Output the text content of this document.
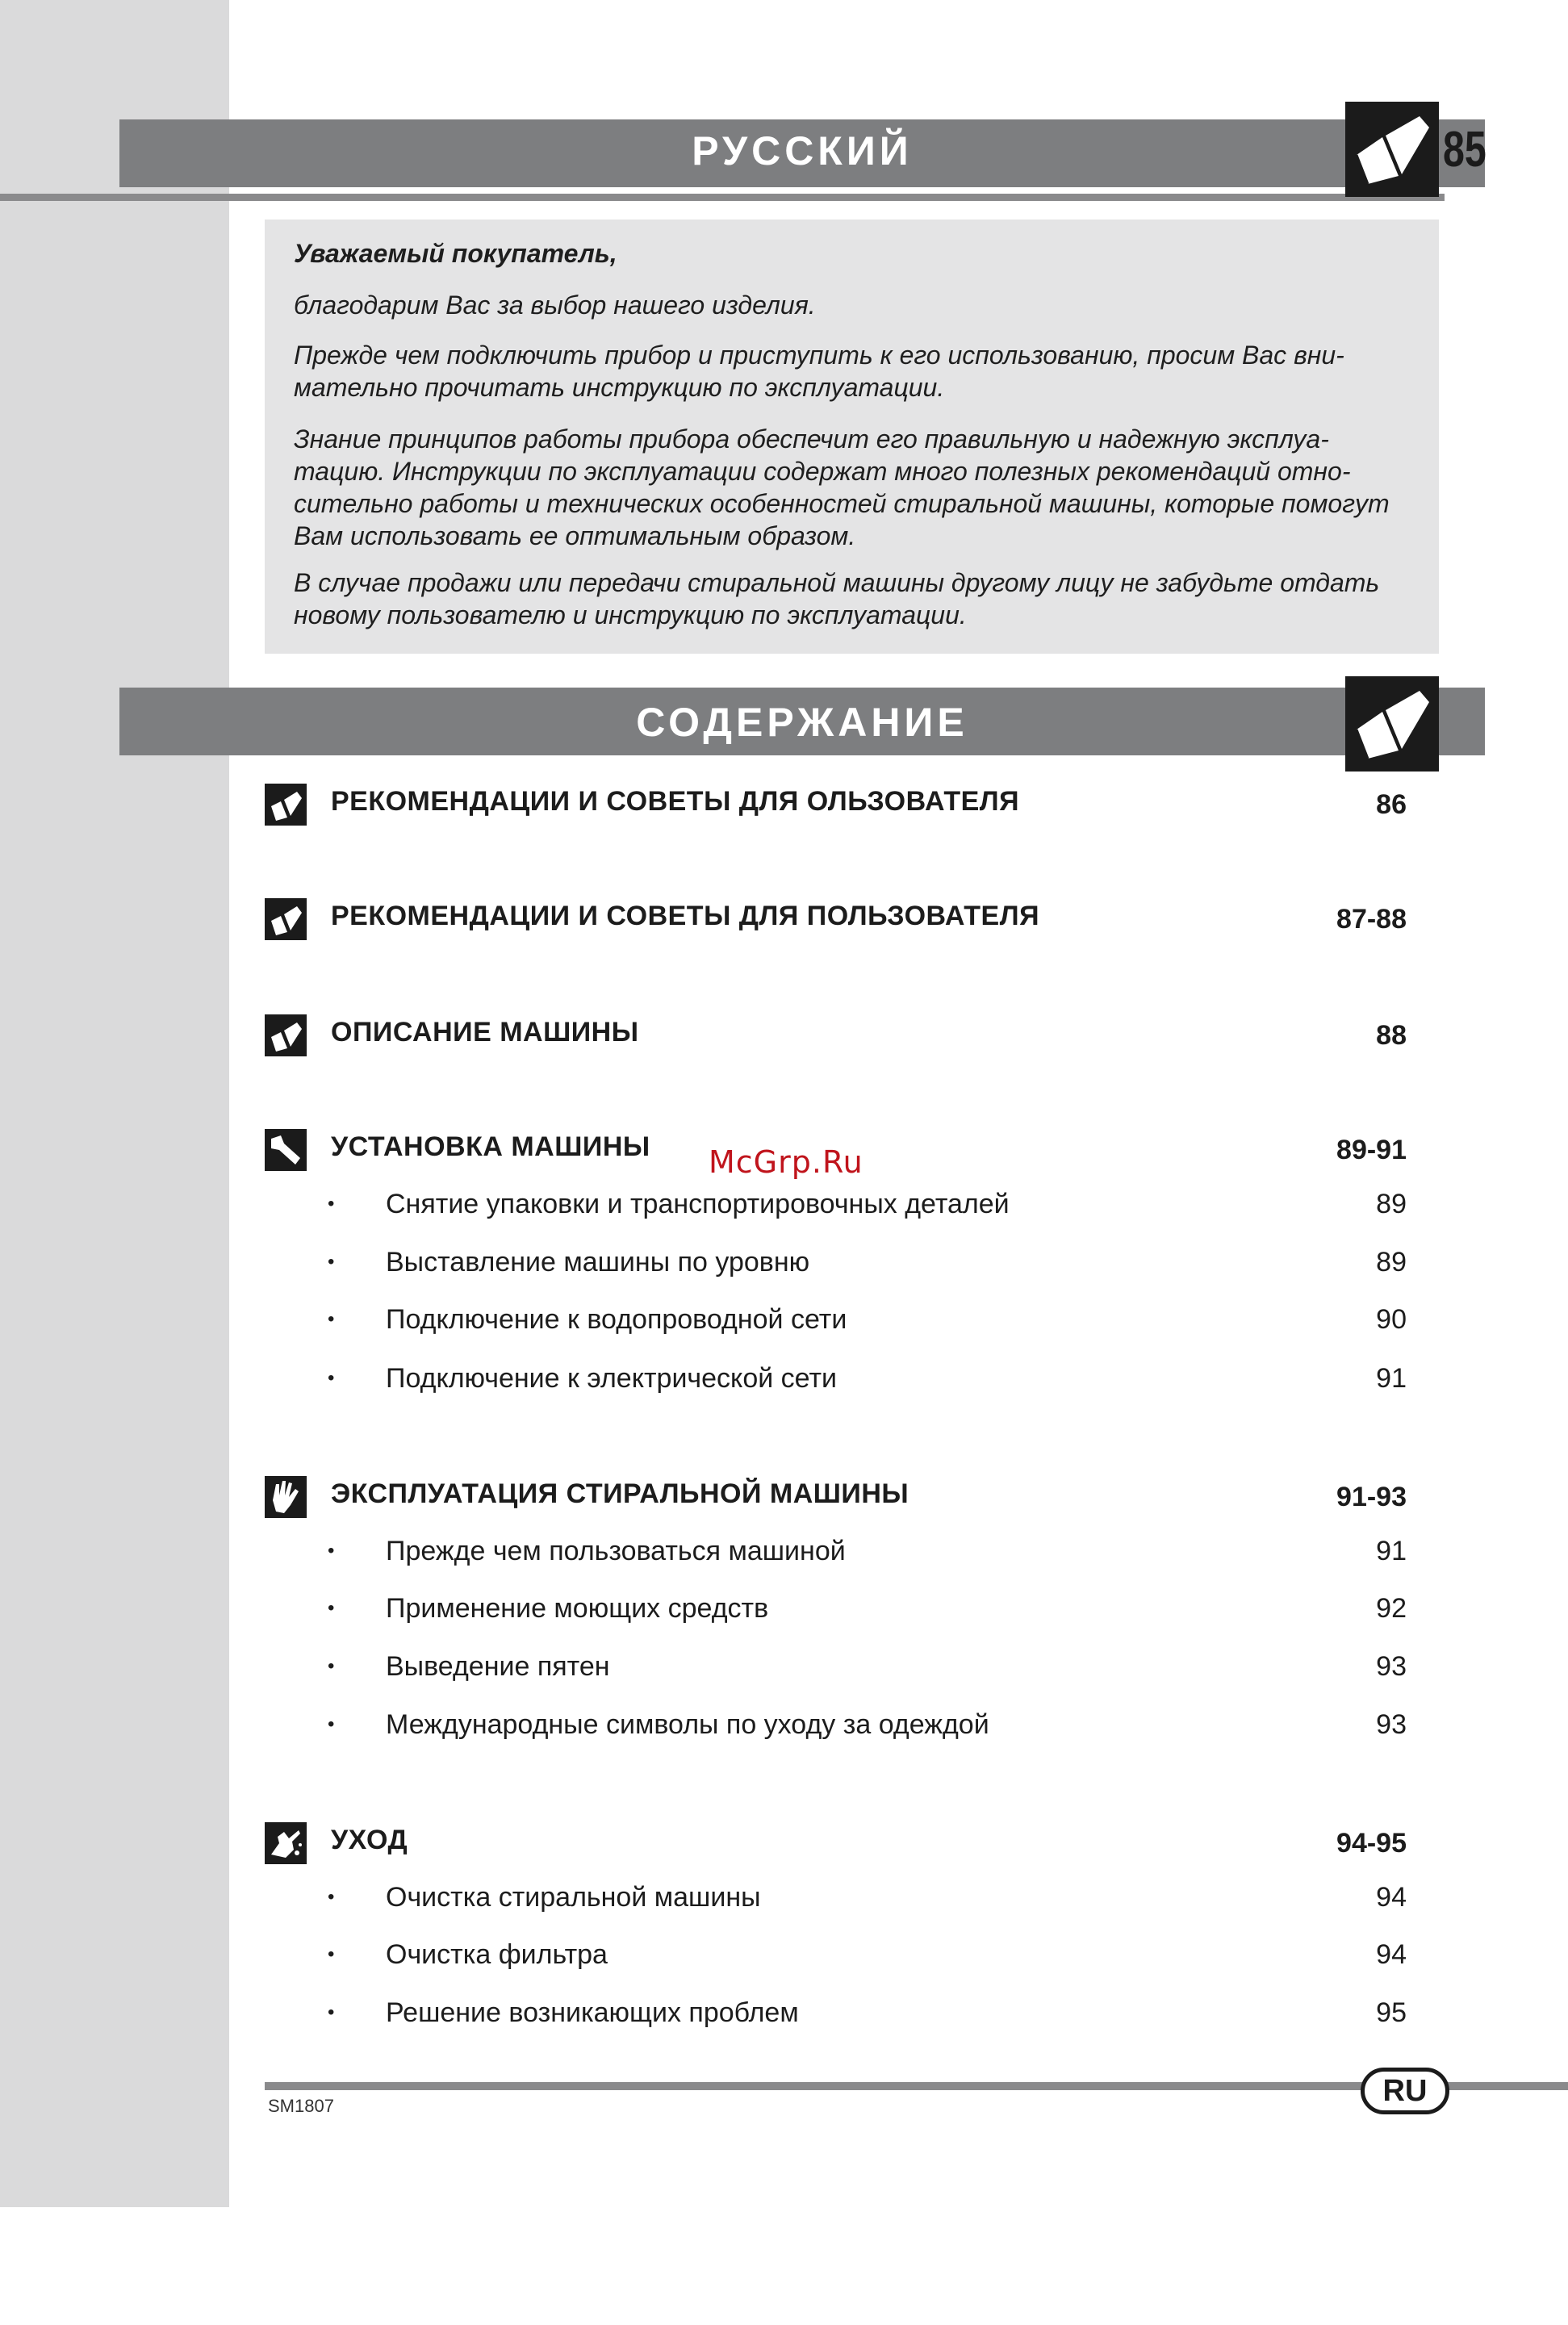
РУССКИЙ	85

Уважаемый покупатель,

благодарим Вас за выбор нашего изделия.

Прежде чем подключить прибор и приступить к его использованию, просим Вас вни-мательно прочитать инструкцию по эксплуатации.

Знание принципов работы прибора обеспечит его правильную и надежную эксплуа-тацию. Инструкции по эксплуатации содержат много полезных рекомендаций отно-сительно работы и технических особенностей стиральной машины, которые помогут Вам использовать ее оптимальным образом.

В случае продажи или передачи стиральной машины другому лицу не забудьте отдать новому пользователю и инструкцию по эксплуатации.

СОДЕРЖАНИЕ
РЕКОМЕНДАЦИИ И СОВЕТЫ ДЛЯ ОЛЬЗОВАТЕЛЯ	86
РЕКОМЕНДАЦИИ И СОВЕТЫ ДЛЯ ПОЛЬЗОВАТЕЛЯ	87-88
ОПИСАНИЕ МАШИНЫ	88
УСТАНОВКА МАШИНЫ	89-91
• Снятие упаковки и транспортировочных деталей	89
• Выставление машины по уровню	89
• Подключение к водопроводной сети	90
• Подключение к электрической сети	91
ЭКСПЛУАТАЦИЯ СТИРАЛЬНОЙ МАШИНЫ	91-93
• Прежде чем пользоваться машиной	91
• Применение моющих средств	92
• Выведение пятен	93
• Международные символы по уходу за одеждой	93
УХОД	94-95
• Очистка стиральной машины	94
• Очистка фильтра	94
• Решение возникающих проблем	95
McGrp.Ru
SM1807	RU
